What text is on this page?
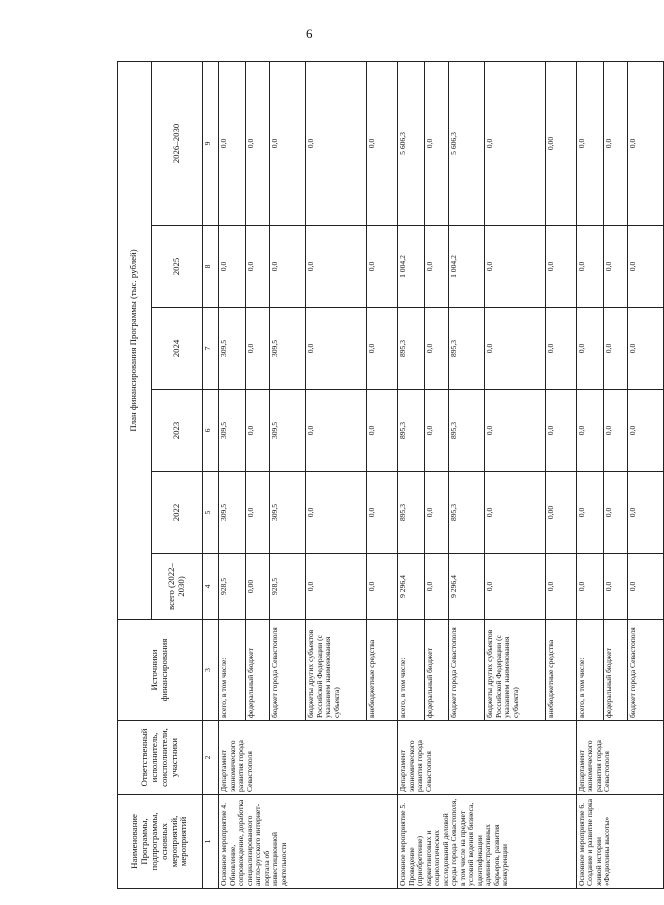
6
Наименование Программы, подпрограммы, основных мероприятий, мероприятий	Ответственный исполнитель, соисполнители, участники	Источники финансирования	План финансирования Программы (тыс. рублей)					
			всего (2022–2030)	2022	2023	2024	2025	2026–2030
1	2	3	4	5	6	7	8	9
Основное мероприятие 4. Обновление, сопровождение, доработка специализированного англо-русского интернет-портала об инвестиционной деятельности	Департамент экономического развития города Севастополя	всего, в том числе:	928,5	309,5	309,5	309,5	0,0	0,0
		федеральный бюджет	0,00	0,0	0,0	0,0	0,0	0,0
		бюджет города Севастополя	928,5	309,5	309,5	309,5	0,0	0,0
		бюджеты других субъектов Российской Федерации (с указанием наименования субъекта)	0,0	0,0	0,0	0,0	0,0	0,0
		внебюджетные средства	0,0	0,0	0,0	0,0	0,0	0,0
Основное мероприятие 5. Проведение (приобретение) маркетинговых и социологических исследований деловой среды города Севастополя, в том числе на предмет условий ведения бизнеса, идентификации административных барьеров, развития конкуренции	Департамент экономического развития города Севастополя	всего, в том числе:	9 296,4	895,3	895,3	895,3	1 004,2	5 606,3
		федеральный бюджет	0,0	0,0	0,0	0,0	0,0	0,0
		бюджет города Севастополя	9 296,4	895,3	895,3	895,3	1 004,2	5 606,3
		бюджеты других субъектов Российской Федерации (с указанием наименования субъекта)	0,0	0,0	0,0	0,0	0,0	0,0
		внебюджетные средства	0,0	0,00	0,0	0,0	0,0	0,00
Основное мероприятие 6. Создание и развитие парка живой истории «Федюхины высоты»	Департамент экономического развития города Севастополя	всего, в том числе:	0,0	0,0	0,0	0,0	0,0	0,0
		федеральный бюджет	0,0	0,0	0,0	0,0	0,0	0,0
		бюджет города Севастополя	0,0	0,0	0,0	0,0	0,0	0,0
